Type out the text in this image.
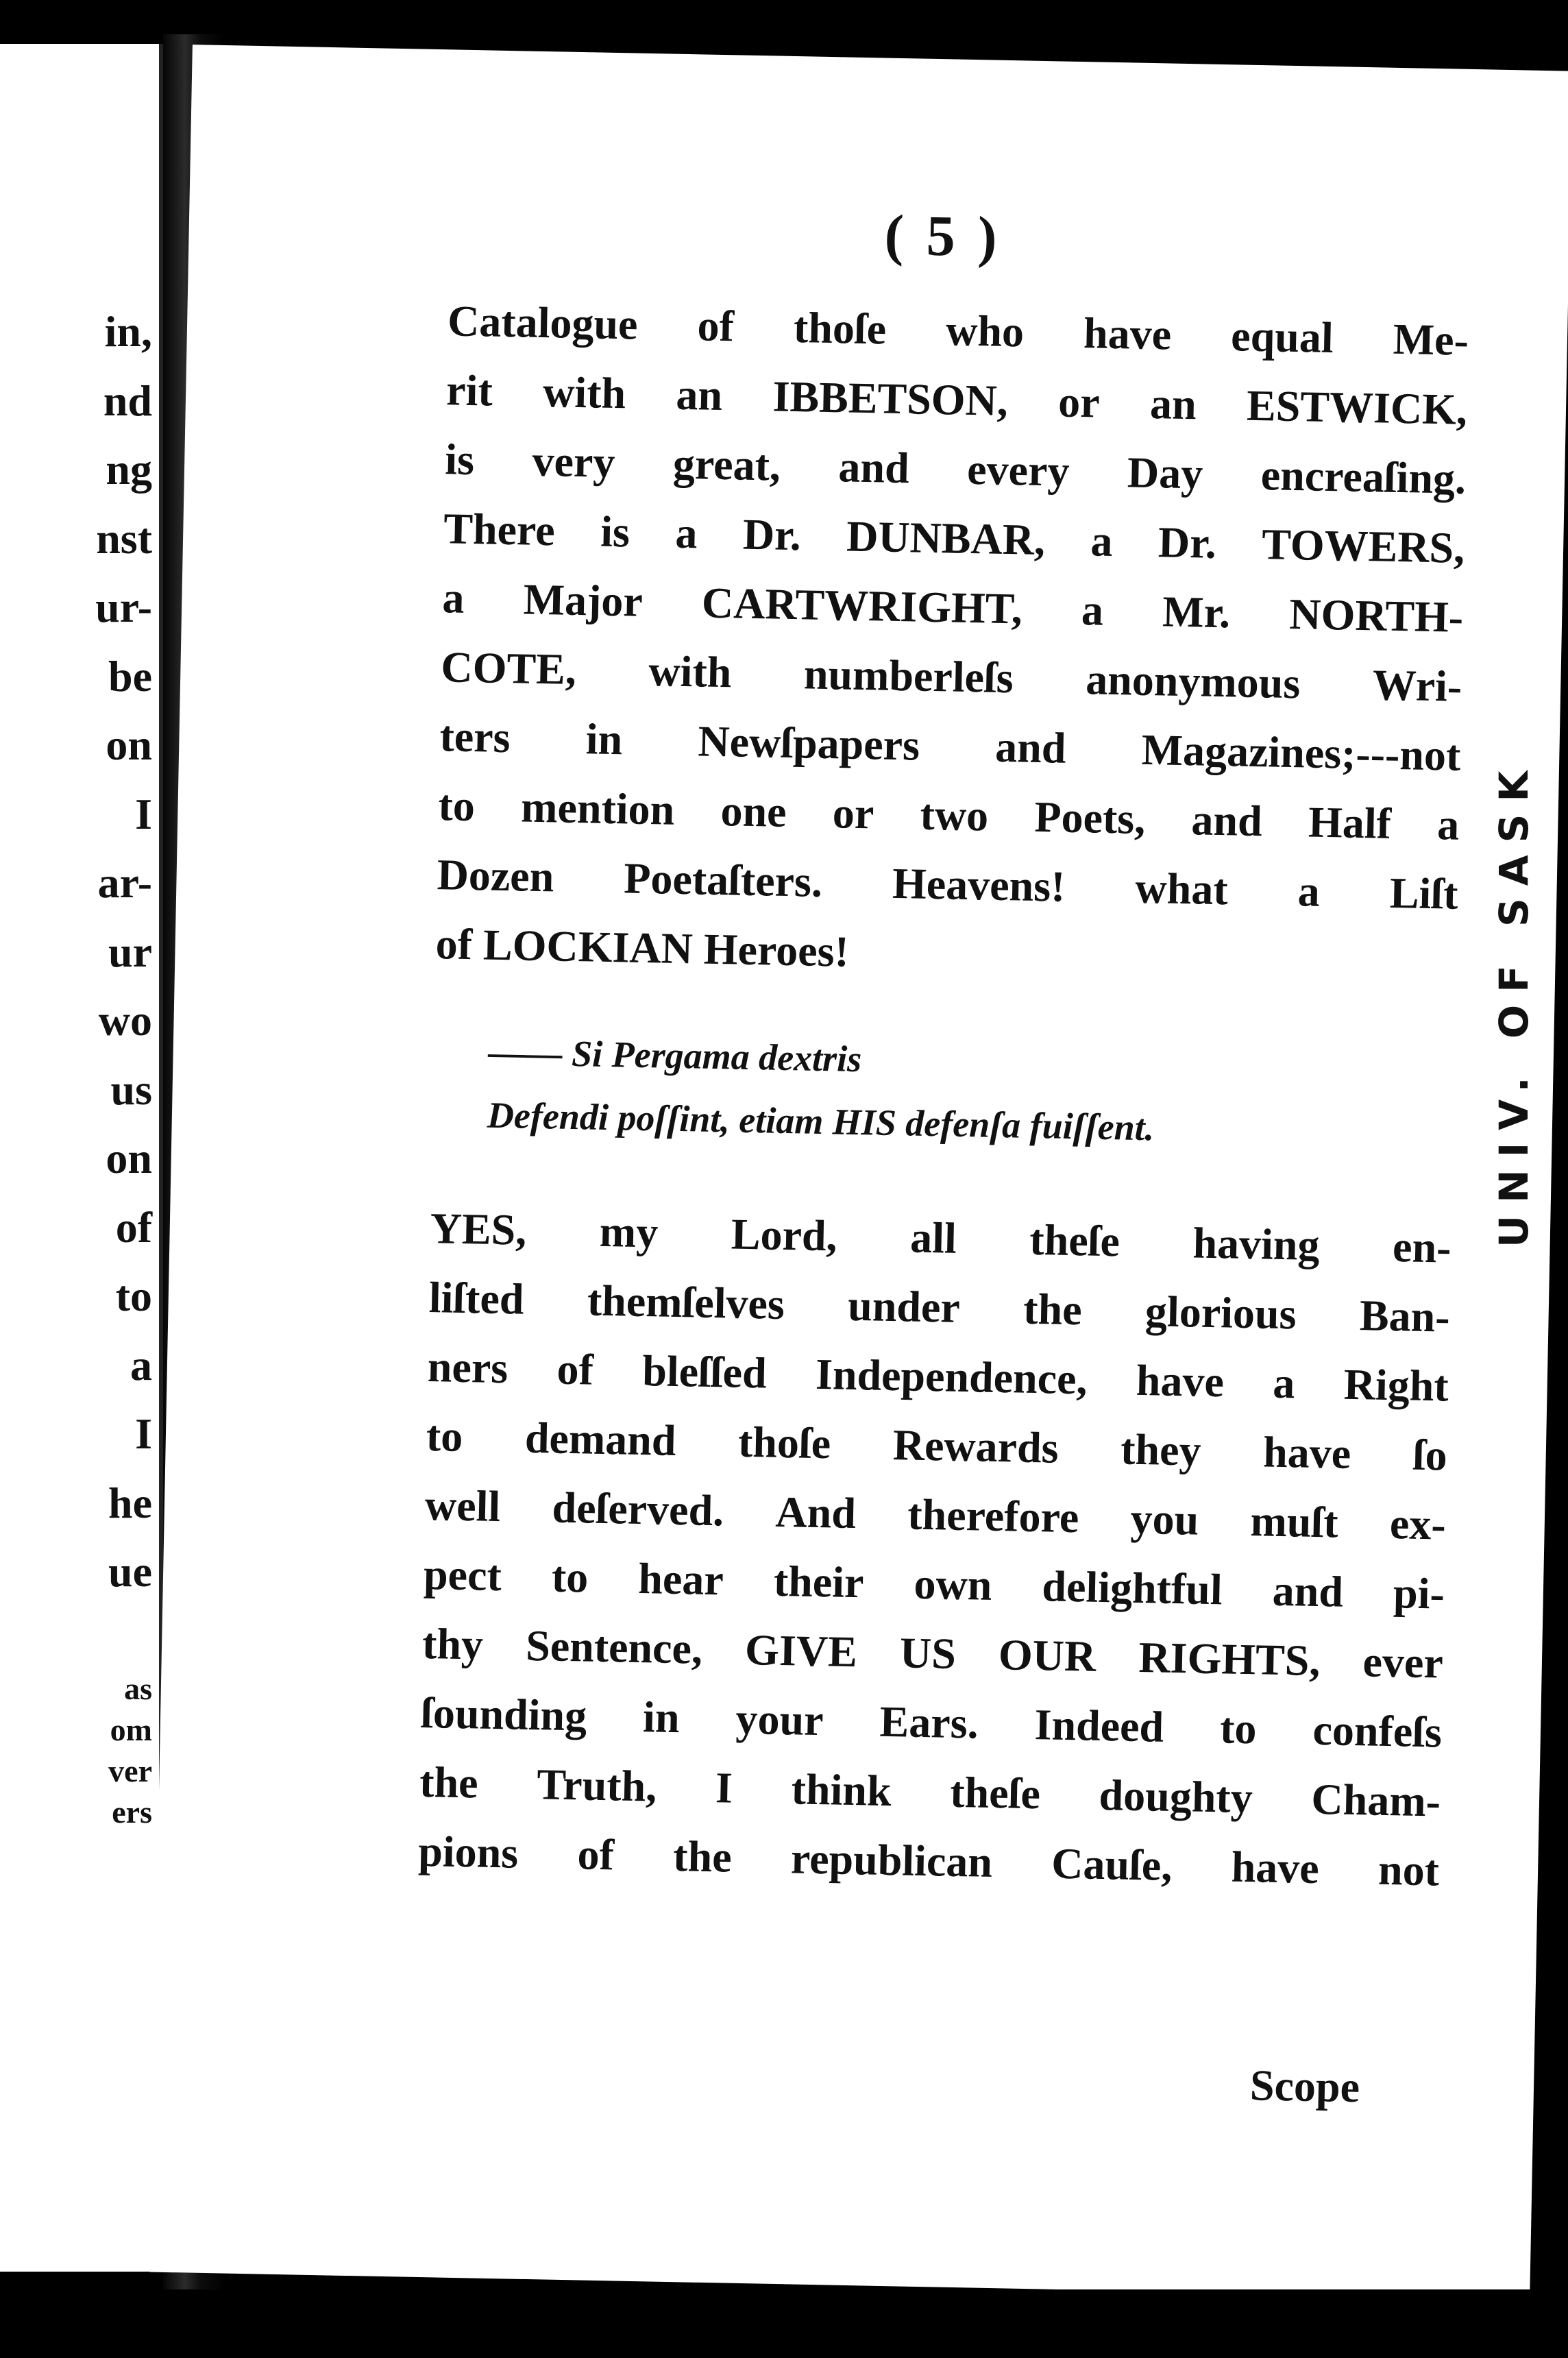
in,
nd
ng
nst
ur-
be
on
I
ar-
ur
wo
us
on
of
to
a
I
he
ue
as
om
ver
ers
( 5 )
Catalogue of thoſe who have equal Me-
rit with an IBBETSON, or an ESTWICK,
is very great, and every Day encreaſing.
There is a Dr. DUNBAR, a Dr. TOWERS,
a Major CARTWRIGHT, a Mr. NORTH-
COTE, with numberleſs anonymous Wri-
ters in Newſpapers and Magazines;---not
to mention one or two Poets, and Half a
Dozen Poetaſters. Heavens! what a Liſt
of LOCKIAN Heroes!
—— Si Pergama dextris
Defendi poſſint, etiam HIS defenſa fuiſſent.
YES, my Lord, all theſe having en-
liſted themſelves under the glorious Ban-
ners of bleſſed Independence, have a Right
to demand thoſe Rewards they have ſo
well deſerved. And therefore you muſt ex-
pect to hear their own delightful and pi-
thy Sentence, GIVE US OUR RIGHTS, ever
ſounding in your Ears. Indeed to confeſs
the Truth, I think theſe doughty Cham-
pions of the republican Cauſe, have not
Scope
UNIV. OF SASK
